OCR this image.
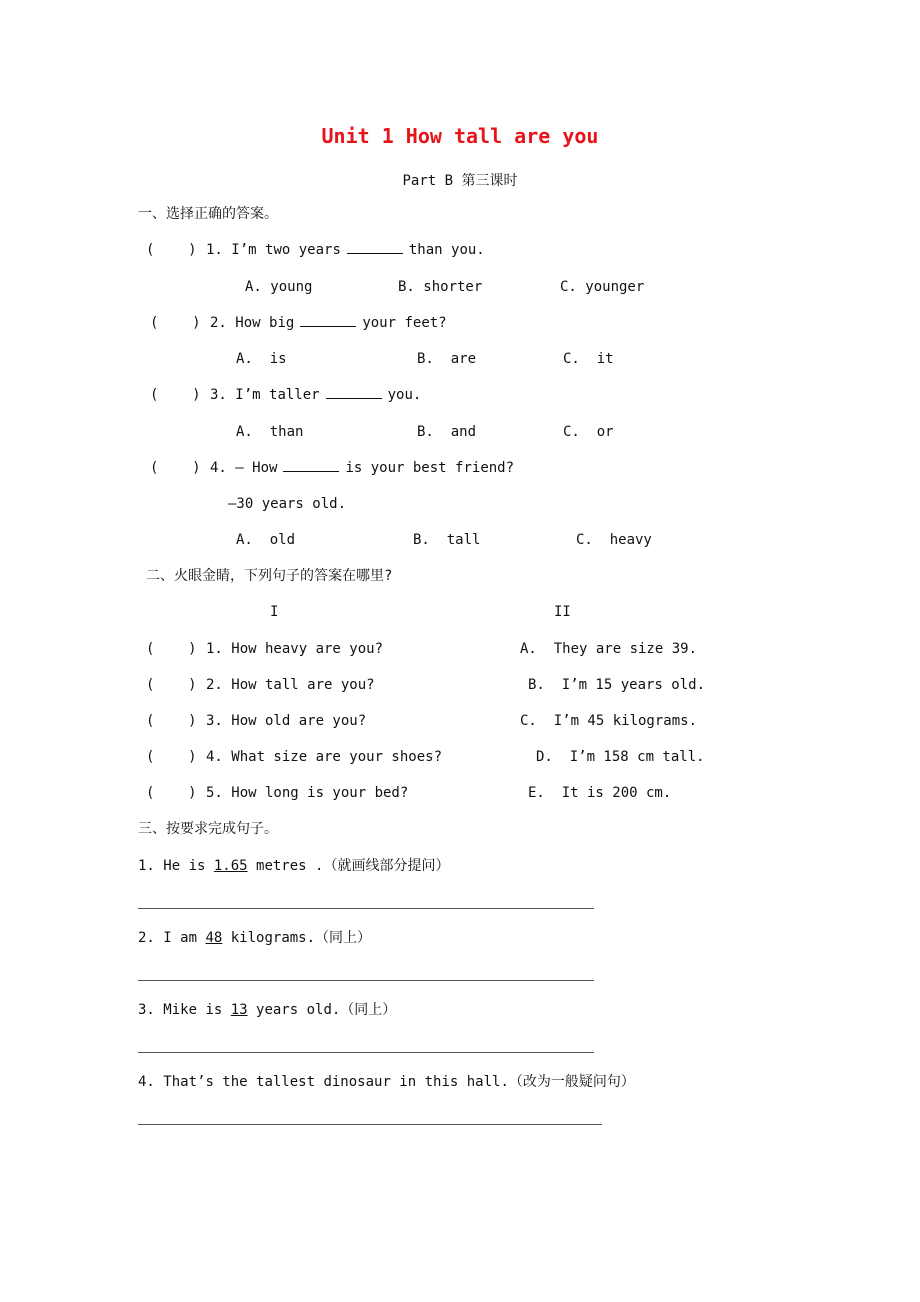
Unit 1 How tall are you
Part B 第三课时
一、选择正确的答案。
(    ) 1. I’m two years	than you.
A. young	B. shorter	C. younger
(    ) 2. How big	your feet?
A.  is	B.  are	C.  it
(    ) 3. I’m taller	you.
A.  than	B.  and	C.  or
(    ) 4. — How	is your best friend?
—30 years old.
A.  old	B.  tall	C.  heavy
二、火眼金睛，下列句子的答案在哪里?
I	II
(    ) 1. How heavy are you?	A.  They are size 39.
(    ) 2. How tall are you?	B.  I’m 15 years old.
(    ) 3. How old are you?	C.  I’m 45 kilograms.
(    ) 4. What size are your shoes?	D.  I’m 158 cm tall.
(    ) 5. How long is your bed?	E.  It is 200 cm.
三、按要求完成句子。
1. He is 1.65 metres .（就画线部分提问）
2. I am 48 kilograms.（同上）
3. Mike is 13 years old.（同上）
4. That’s the tallest dinosaur in this hall.（改为一般疑问句）
